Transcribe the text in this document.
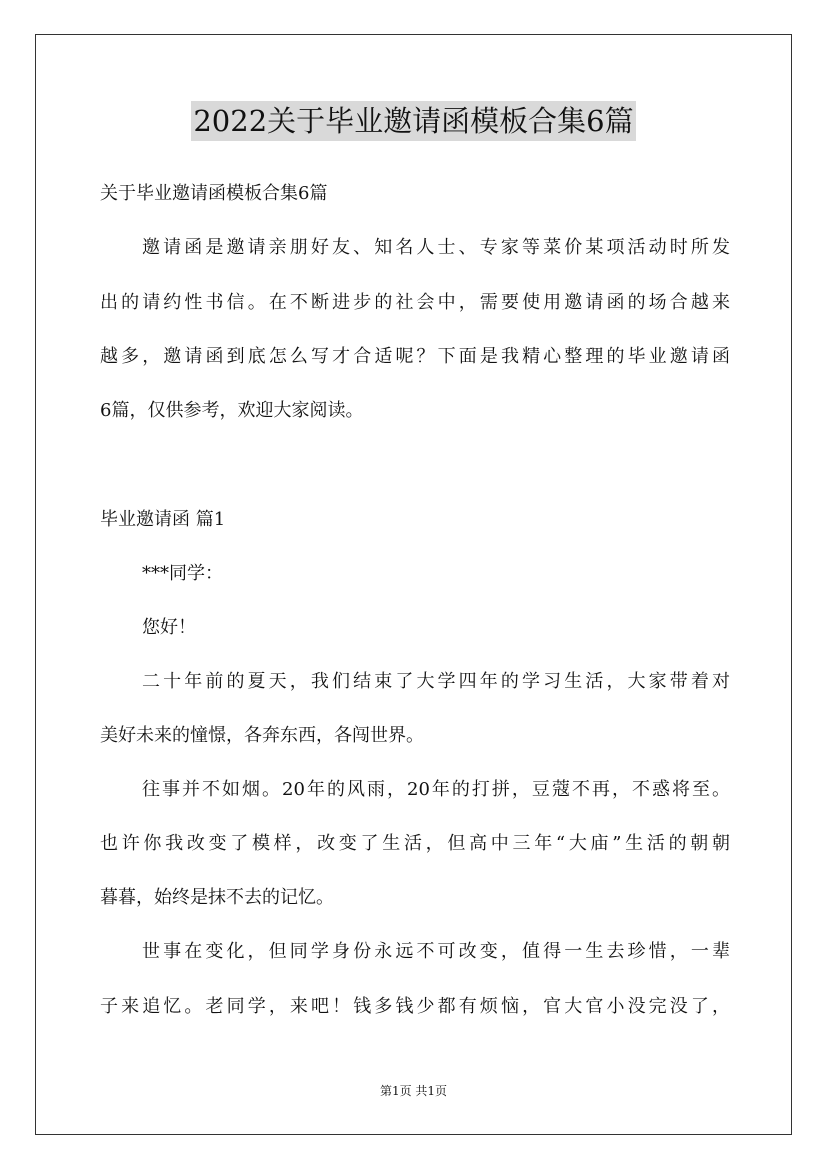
2022关于毕业邀请函模板合集6篇
关于毕业邀请函模板合集6篇
邀请函是邀请亲朋好友、知名人士、专家等菜价某项活动时所发
出的请约性书信。在不断进步的社会中，需要使用邀请函的场合越来
越多，邀请函到底怎么写才合适呢？下面是我精心整理的毕业邀请函
6篇，仅供参考，欢迎大家阅读。
毕业邀请函 篇1
***同学：
您好！
二十年前的夏天，我们结束了大学四年的学习生活，大家带着对
美好未来的憧憬，各奔东西，各闯世界。
往事并不如烟。20年的风雨，20年的打拼，豆蔻不再，不惑将至。
也许你我改变了模样，改变了生活，但高中三年“大庙”生活的朝朝
暮暮，始终是抹不去的记忆。
世事在变化，但同学身份永远不可改变，值得一生去珍惜，一辈
子来追忆。老同学，来吧！钱多钱少都有烦恼，官大官小没完没了，
第1页 共1页
